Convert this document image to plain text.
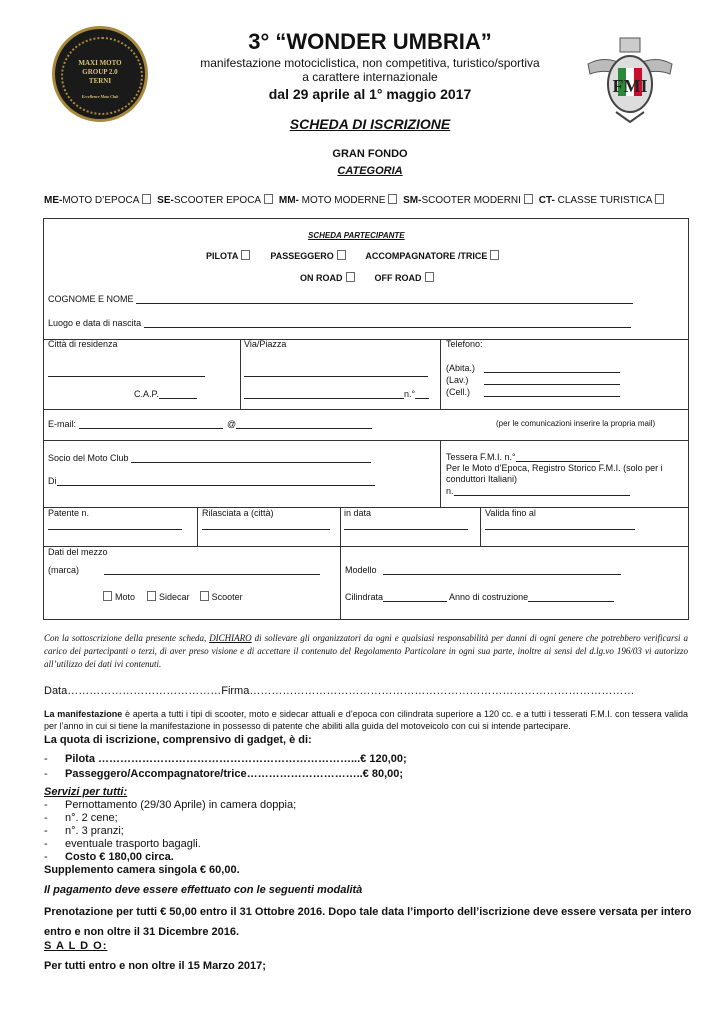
MAXI MOTO
GROUP 2.0
TERNI
Eccellence Moto Club
FMI
3° “WONDER UMBRIA”
manifestazione motociclistica, non competitiva, turistico/sportiva
a carattere internazionale
dal 29 aprile al 1° maggio 2017
SCHEDA DI ISCRIZIONE
GRAN FONDO
CATEGORIA
ME-MOTO D’EPOCA SE-SCOOTER EPOCA MM- MOTO MODERNE SM-SCOOTER MODERNI CT- CLASSE TURISTICA
SCHEDA PARTECIPANTE
PILOTA	PASSEGGERO	ACCOMPAGNATORE /TRICE
ON ROAD	OFF ROAD
COGNOME E NOME
Luogo e data di nascita
Città di residenza
C.A.P.
Via/Piazza
n.°
Telefono:
(Abita.)
(Lav.)
(Cell.)
E-mail:	@	(per le comunicazioni inserire la propria mail)
Socio del Moto Club
Di
Tessera F.M.I. n.°
Per le Moto d’Epoca, Registro Storico F.M.I. (solo per i
conduttori Italiani)
n.
Patente n.	Rilasciata a (città)	in data	Valida fino al
Dati del mezzo
(marca)
Moto	Sidecar Scooter
Modello
Cilindrata	Anno di costruzione
Con la sottoscrizione della presente scheda, DICHIARO di sollevare gli organizzatori da ogni e qualsiasi responsabilità per danni di ogni genere che potrebbero verificarsi a carico dei partecipanti o terzi, di aver preso visione e di accettare il contenuto del Regolamento Particolare in ogni sua parte, inoltre ai sensi del d.lg.vo 196/03 vi autorizzo all’utilizzo dei dati ivi contenuti.
Data……………………………………Firma……………………………………………………………………………………………
La manifestazione è aperta a tutti i tipi di scooter, moto e sidecar attuali e d’epoca con cilindrata superiore a 120 cc. e a tutti i tesserati F.M.I. con tessera valida per l’anno in cui si tiene la manifestazione in possesso di patente che abiliti alla guida del motoveicolo con cui si intende partecipare.
La quota di iscrizione, comprensivo di gadget, è di:
- Pilota ……………………………………………………………...€ 120,00;
- Passeggero/Accompagnatore/trice…………………………..€ 80,00;
Servizi per tutti:
- Pernottamento (29/30 Aprile) in camera doppia;
- n°. 2 cene;
- n°. 3 pranzi;
- eventuale trasporto bagagli.
- Costo € 180,00 circa.
Supplemento camera singola € 60,00.
Il pagamento deve essere effettuato con le seguenti modalità
Prenotazione per tutti € 50,00 entro il 31 Ottobre 2016. Dopo tale data l’importo dell’iscrizione deve essere versata per intero entro e non oltre il 31 Dicembre 2016.
S A L D O:
Per tutti entro e non oltre il 15 Marzo 2017;
